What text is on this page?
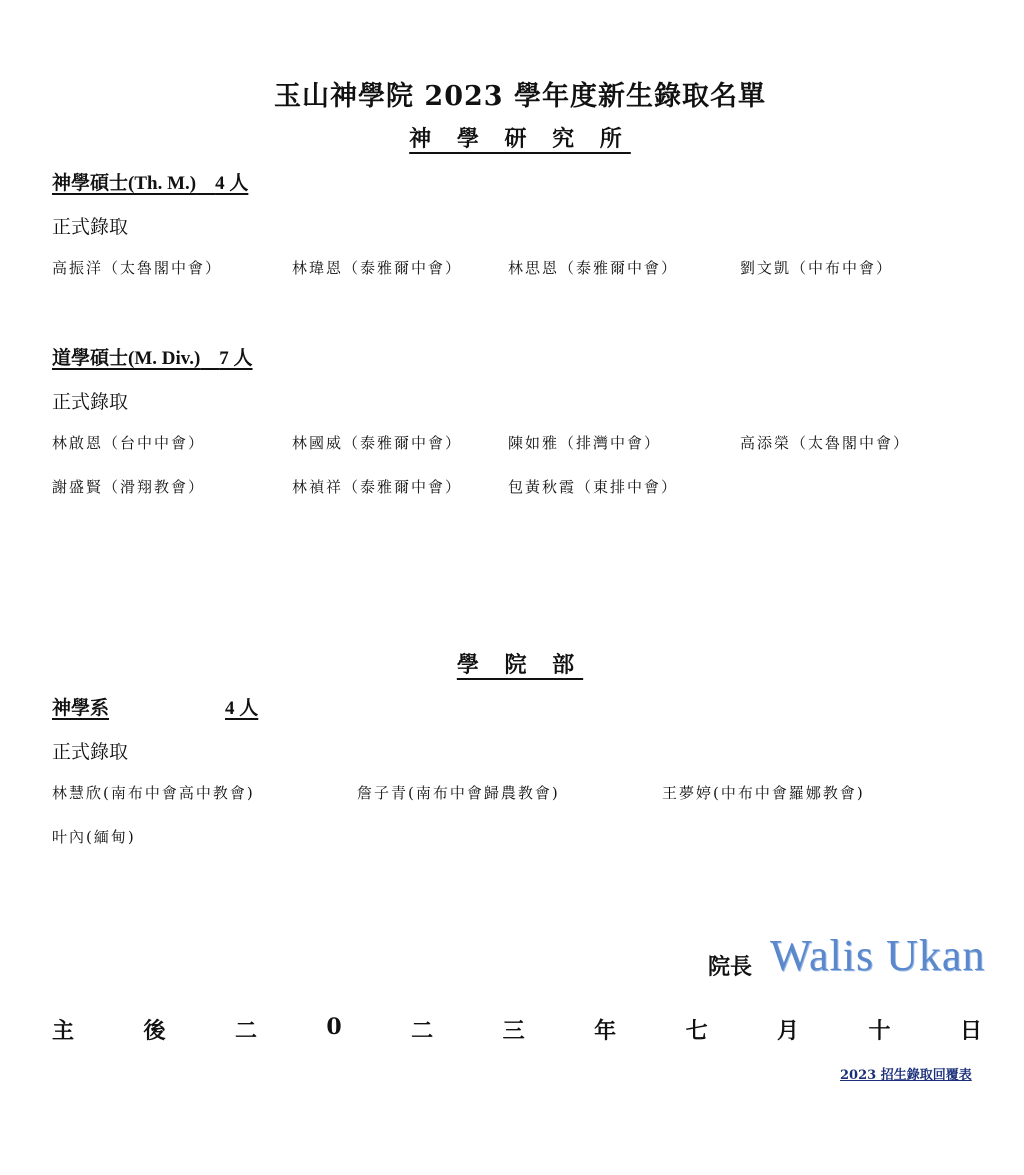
玉山神學院 2023 學年度新生錄取名單
神 學 研 究 所
神學碩士(Th. M.) 4 人
正式錄取
高振洋（太魯閣中會）	林瑋恩（泰雅爾中會）	林思恩（泰雅爾中會）	劉文凱（中布中會）
道學碩士(M. Div.) 7 人
正式錄取
林啟恩（台中中會）	林國威（泰雅爾中會）	陳如雅（排灣中會）	高添榮（太魯閣中會）
謝盛賢（滑翔教會）	林禎祥（泰雅爾中會）	包黃秋霞（東排中會）
學 院 部
神學系	4 人
正式錄取
林慧欣(南布中會高中教會)	詹子青(南布中會歸農教會)	王夢婷(中布中會羅娜教會)
叶內(緬甸)
院長 Walis Ukan
主	後	二	0	二	三	年	七	月	十	日
2023 招生錄取回覆表
